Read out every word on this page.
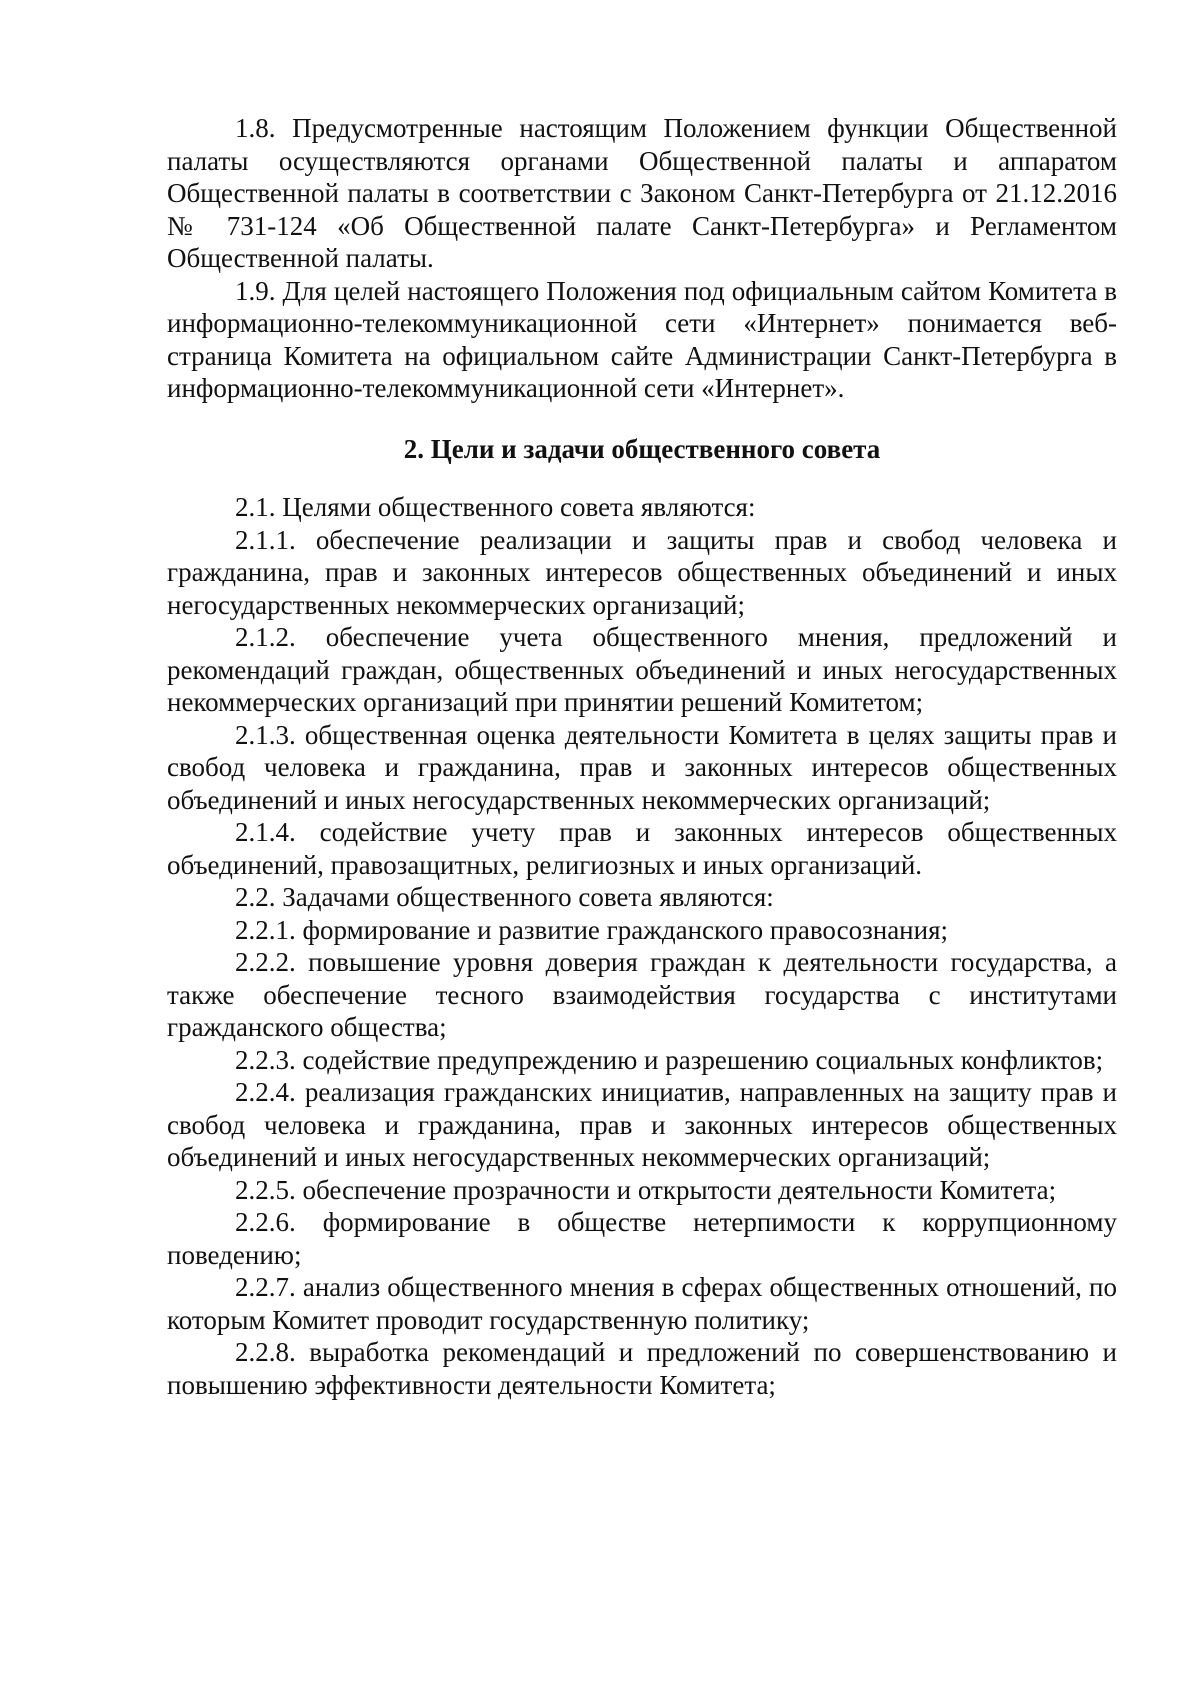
1.8. Предусмотренные настоящим Положением функции Общественной палаты осуществляются органами Общественной палаты и аппаратом Общественной палаты в соответствии с Законом Санкт-Петербурга от 21.12.2016 № 731-124 «Об Общественной палате Санкт-Петербурга» и Регламентом Общественной палаты.

1.9. Для целей настоящего Положения под официальным сайтом Комитета в информационно-телекоммуникационной сети «Интернет» понимается веб-страница Комитета на официальном сайте Администрации Санкт-Петербурга в информационно-телекоммуникационной сети «Интернет».

2. Цели и задачи общественного совета

2.1. Целями общественного совета являются:

2.1.1. обеспечение реализации и защиты прав и свобод человека и гражданина, прав и законных интересов общественных объединений и иных негосударственных некоммерческих организаций;

2.1.2. обеспечение учета общественного мнения, предложений и рекомендаций граждан, общественных объединений и иных негосударственных некоммерческих организаций при принятии решений Комитетом;

2.1.3. общественная оценка деятельности Комитета в целях защиты прав и свобод человека и гражданина, прав и законных интересов общественных объединений и иных негосударственных некоммерческих организаций;

2.1.4. содействие учету прав и законных интересов общественных объединений, правозащитных, религиозных и иных организаций.

2.2. Задачами общественного совета являются:

2.2.1. формирование и развитие гражданского правосознания;

2.2.2. повышение уровня доверия граждан к деятельности государства, а также обеспечение тесного взаимодействия государства с институтами гражданского общества;

2.2.3. содействие предупреждению и разрешению социальных конфликтов;

2.2.4. реализация гражданских инициатив, направленных на защиту прав и свобод человека и гражданина, прав и законных интересов общественных объединений и иных негосударственных некоммерческих организаций;

2.2.5. обеспечение прозрачности и открытости деятельности Комитета;

2.2.6. формирование в обществе нетерпимости к коррупционному поведению;

2.2.7. анализ общественного мнения в сферах общественных отношений, по которым Комитет проводит государственную политику;

2.2.8. выработка рекомендаций и предложений по совершенствованию и повышению эффективности деятельности Комитета;
